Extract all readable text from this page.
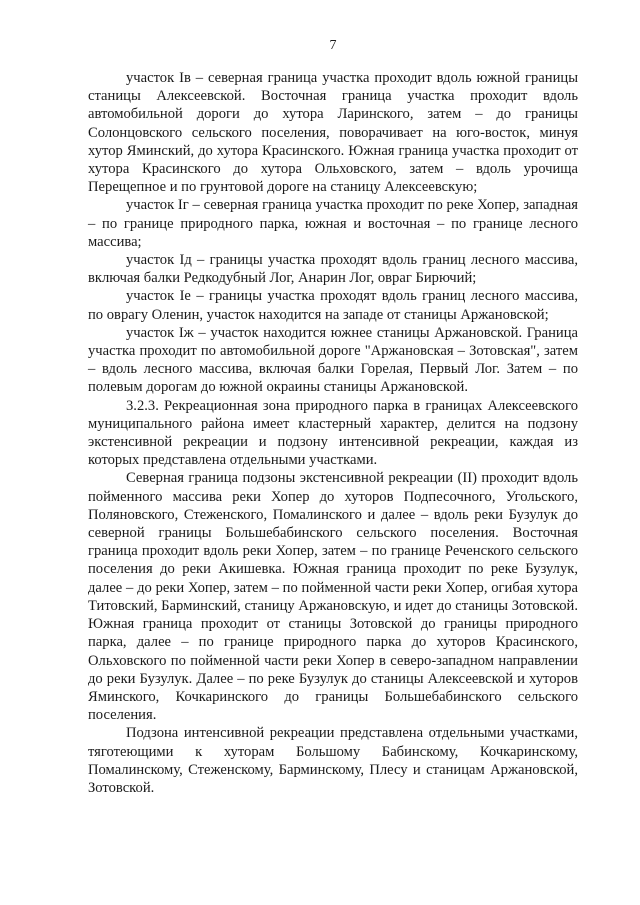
7

участок Iв – северная граница участка проходит вдоль южной границы станицы Алексеевской. Восточная граница участка проходит вдоль автомобильной дороги до хутора Ларинского, затем – до границы Солонцовского сельского поселения, поворачивает на юго-восток, минуя хутор Яминский, до хутора Красинского. Южная граница участка проходит от хутора Красинского до хутора Ольховского, затем – вдоль урочища Перещепное и по грунтовой дороге на станицу Алексеевскую;

участок Iг – северная граница участка проходит по реке Хопер, западная – по границе природного парка, южная и восточная – по границе лесного массива;

участок Iд – границы участка проходят вдоль границ лесного массива, включая балки Редкодубный Лог, Анарин Лог, овраг Бирючий;

участок Iе – границы участка проходят вдоль границ лесного массива, по оврагу Оленин, участок находится на западе от станицы Аржановской;

участок Iж – участок находится южнее станицы Аржановской. Граница участка проходит по автомобильной дороге "Аржановская – Зотовская", затем – вдоль лесного массива, включая балки Горелая, Первый Лог. Затем – по полевым дорогам до южной окраины станицы Аржановской.

3.2.3. Рекреационная зона природного парка в границах Алексеевского муниципального района имеет кластерный характер, делится на подзону экстенсивной рекреации и подзону интенсивной рекреации, каждая из которых представлена отдельными участками.

Северная граница подзоны экстенсивной рекреации (II) проходит вдоль пойменного массива реки Хопер до хуторов Подпесочного, Угольского, Поляновского, Стеженского, Помалинского и далее – вдоль реки Бузулук до северной границы Большебабинского сельского поселения. Восточная граница проходит вдоль реки Хопер, затем – по границе Реченского сельского поселения до реки Акишевка. Южная граница проходит по реке Бузулук, далее – до реки Хопер, затем – по пойменной части реки Хопер, огибая хутора Титовский, Барминский, станицу Аржановскую, и идет до станицы Зотовской. Южная граница проходит от станицы Зотовской до границы природного парка, далее – по границе природного парка до хуторов Красинского, Ольховского по пойменной части реки Хопер в северо-западном направлении до реки Бузулук. Далее – по реке Бузулук до станицы Алексеевской и хуторов Яминского, Кочкаринского до границы Большебабинского сельского поселения.

Подзона интенсивной рекреации представлена отдельными участками, тяготеющими к хуторам Большому Бабинскому, Кочкаринскому, Помалинскому, Стеженскому, Барминскому, Плесу и станицам Аржановской, Зотовской.
